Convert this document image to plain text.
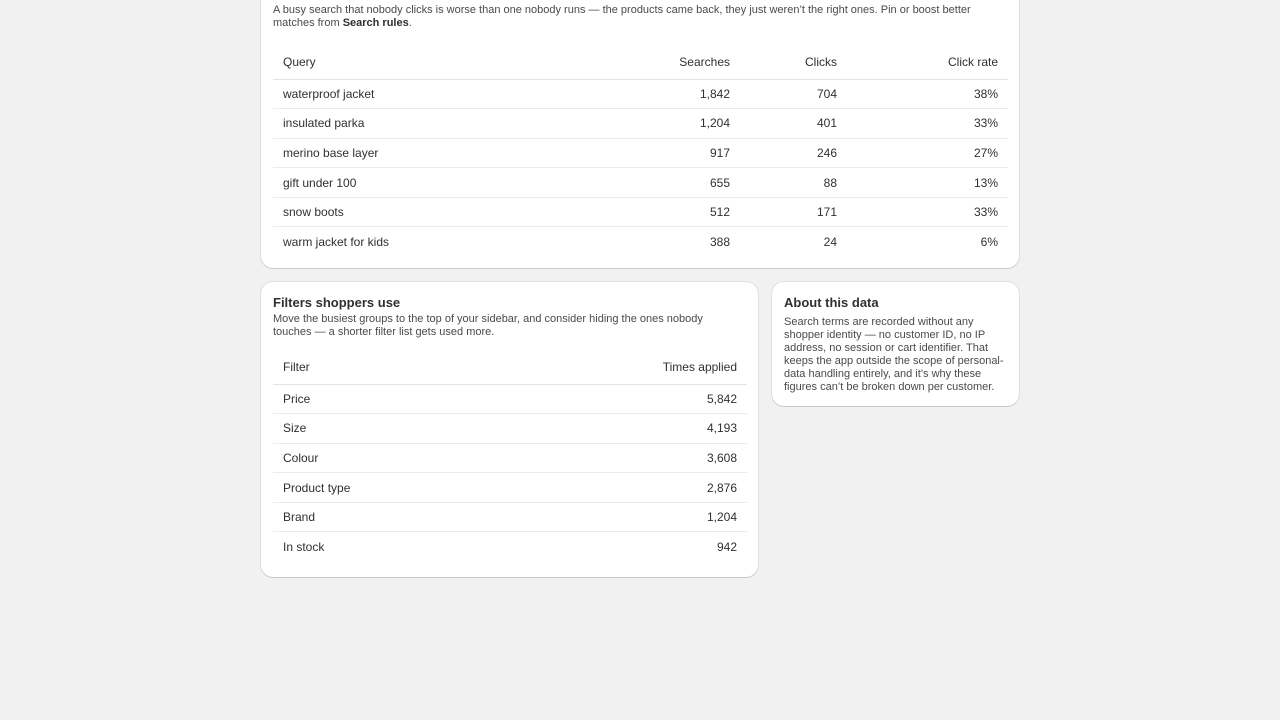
A busy search that nobody clicks is worse than one nobody runs — the products came back, they just weren’t the right ones. Pin or boost better matches from Search rules.

Query	Searches	Clicks	Click rate
waterproof jacket	1,842	704	38%
insulated parka	1,204	401	33%
merino base layer	917	246	27%
gift under 100	655	88	13%
snow boots	512	171	33%
warm jacket for kids	388	24	6%
Filters shoppers use

Move the busiest groups to the top of your sidebar, and consider hiding the ones nobody touches — a shorter filter list gets used more.

Filter	Times applied
Price	5,842
Size	4,193
Colour	3,608
Product type	2,876
Brand	1,204
In stock	942
About this data

Search terms are recorded without any shopper identity — no customer ID, no IP address, no session or cart identifier. That keeps the app outside the scope of personal-data handling entirely, and it’s why these figures can’t be broken down per customer.
